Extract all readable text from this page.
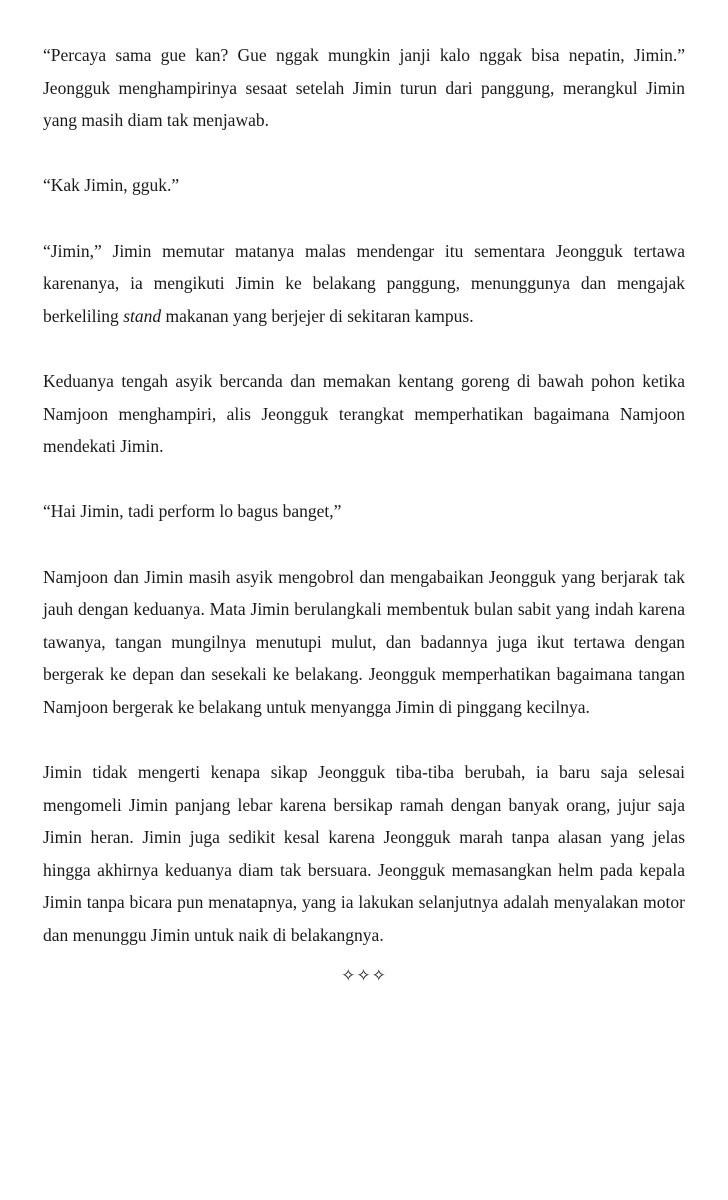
“Percaya sama gue kan? Gue nggak mungkin janji kalo nggak bisa nepatin, Jimin.” Jeongguk menghampirinya sesaat setelah Jimin turun dari panggung, merangkul Jimin yang masih diam tak menjawab.

“Kak Jimin, gguk.”

“Jimin,” Jimin memutar matanya malas mendengar itu sementara Jeongguk tertawa karenanya, ia mengikuti Jimin ke belakang panggung, menunggunya dan mengajak berkeliling stand makanan yang berjejer di sekitaran kampus.

Keduanya tengah asyik bercanda dan memakan kentang goreng di bawah pohon ketika Namjoon menghampiri, alis Jeongguk terangkat memperhatikan bagaimana Namjoon mendekati Jimin.

“Hai Jimin, tadi perform lo bagus banget,”

Namjoon dan Jimin masih asyik mengobrol dan mengabaikan Jeongguk yang berjarak tak jauh dengan keduanya. Mata Jimin berulangkali membentuk bulan sabit yang indah karena tawanya, tangan mungilnya menutupi mulut, dan badannya juga ikut tertawa dengan bergerak ke depan dan sesekali ke belakang. Jeongguk memperhatikan bagaimana tangan Namjoon bergerak ke belakang untuk menyangga Jimin di pinggang kecilnya.

Jimin tidak mengerti kenapa sikap Jeongguk tiba-tiba berubah, ia baru saja selesai mengomeli Jimin panjang lebar karena bersikap ramah dengan banyak orang, jujur saja Jimin heran. Jimin juga sedikit kesal karena Jeongguk marah tanpa alasan yang jelas hingga akhirnya keduanya diam tak bersuara. Jeongguk memasangkan helm pada kepala Jimin tanpa bicara pun menatapnya, yang ia lakukan selanjutnya adalah menyalakan motor dan menunggu Jimin untuk naik di belakangnya.

✧✧✧
